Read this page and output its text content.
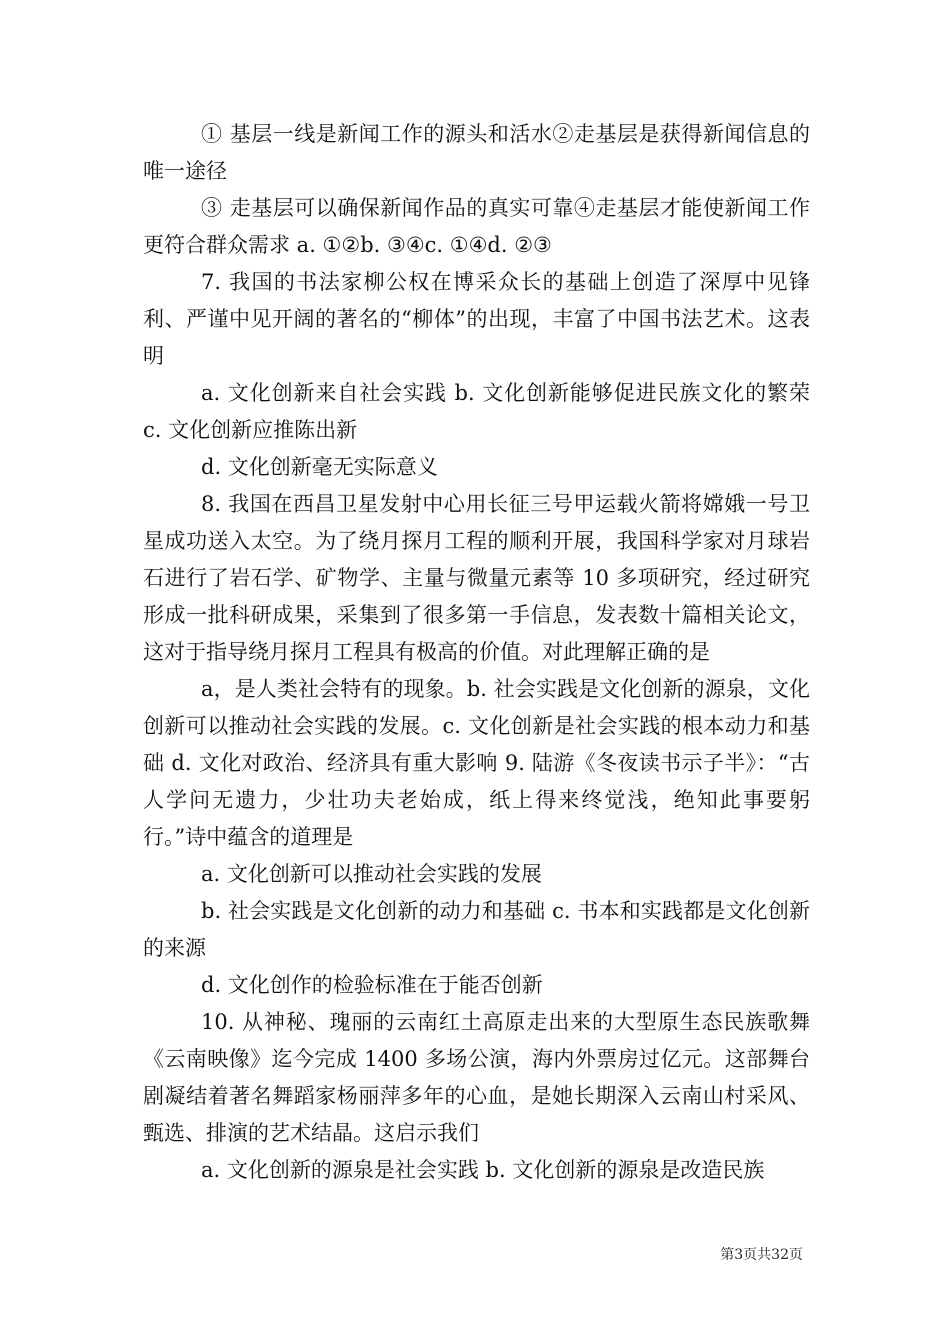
① 基层一线是新闻工作的源头和活水②走基层是获得新闻信息的唯一途径

③ 走基层可以确保新闻作品的真实可靠④走基层才能使新闻工作更符合群众需求 a. ①②b. ③④c. ①④d. ②③

7. 我国的书法家柳公权在博采众长的基础上创造了深厚中见锋利、严谨中见开阔的著名的“柳体”的出现，丰富了中国书法艺术。这表明

a. 文化创新来自社会实践 b. 文化创新能够促进民族文化的繁荣 c. 文化创新应推陈出新

d. 文化创新毫无实际意义

8. 我国在西昌卫星发射中心用长征三号甲运载火箭将嫦娥一号卫星成功送入太空。为了绕月探月工程的顺利开展，我国科学家对月球岩石进行了岩石学、矿物学、主量与微量元素等 10 多项研究，经过研究形成一批科研成果，采集到了很多第一手信息，发表数十篇相关论文，这对于指导绕月探月工程具有极高的价值。对此理解正确的是

a，是人类社会特有的现象。b. 社会实践是文化创新的源泉，文化创新可以推动社会实践的发展。c. 文化创新是社会实践的根本动力和基础 d. 文化对政治、经济具有重大影响 9. 陆游《冬夜读书示子半》：“古人学问无遗力，少壮功夫老始成，纸上得来终觉浅，绝知此事要躬行。”诗中蕴含的道理是

a. 文化创新可以推动社会实践的发展

b. 社会实践是文化创新的动力和基础 c. 书本和实践都是文化创新的来源

d. 文化创作的检验标准在于能否创新

10. 从神秘、瑰丽的云南红土高原走出来的大型原生态民族歌舞《云南映像》迄今完成 1400 多场公演，海内外票房过亿元。这部舞台剧凝结着著名舞蹈家杨丽萍多年的心血，是她长期深入云南山村采风、甄选、排演的艺术结晶。这启示我们

a. 文化创新的源泉是社会实践 b. 文化创新的源泉是改造民族

第3页共32页
